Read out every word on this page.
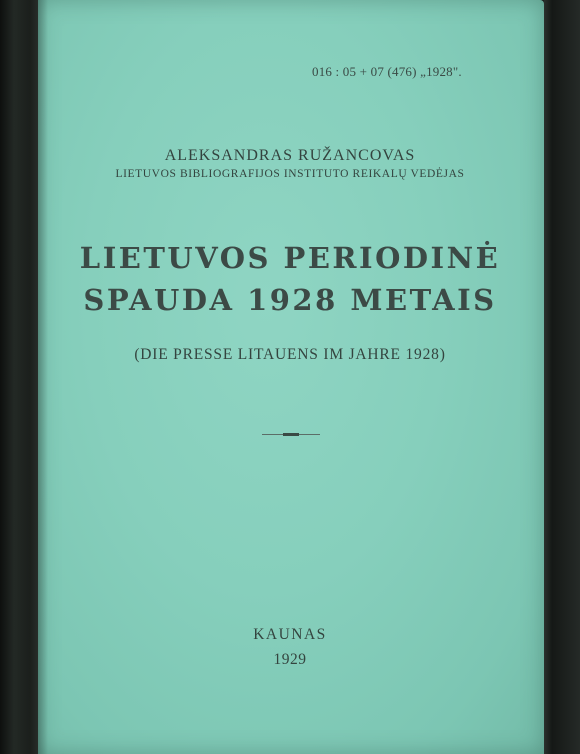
016 : 05 + 07 (476) „1928".
ALEKSANDRAS RUŽANCOVAS
LIETUVOS BIBLIOGRAFIJOS INSTITUTO REIKALŲ VEDĖJAS
LIETUVOS PERIODINĖ
SPAUDA 1928 METAIS
(DIE PRESSE LITAUENS IM JAHRE 1928)
KAUNAS
1929
